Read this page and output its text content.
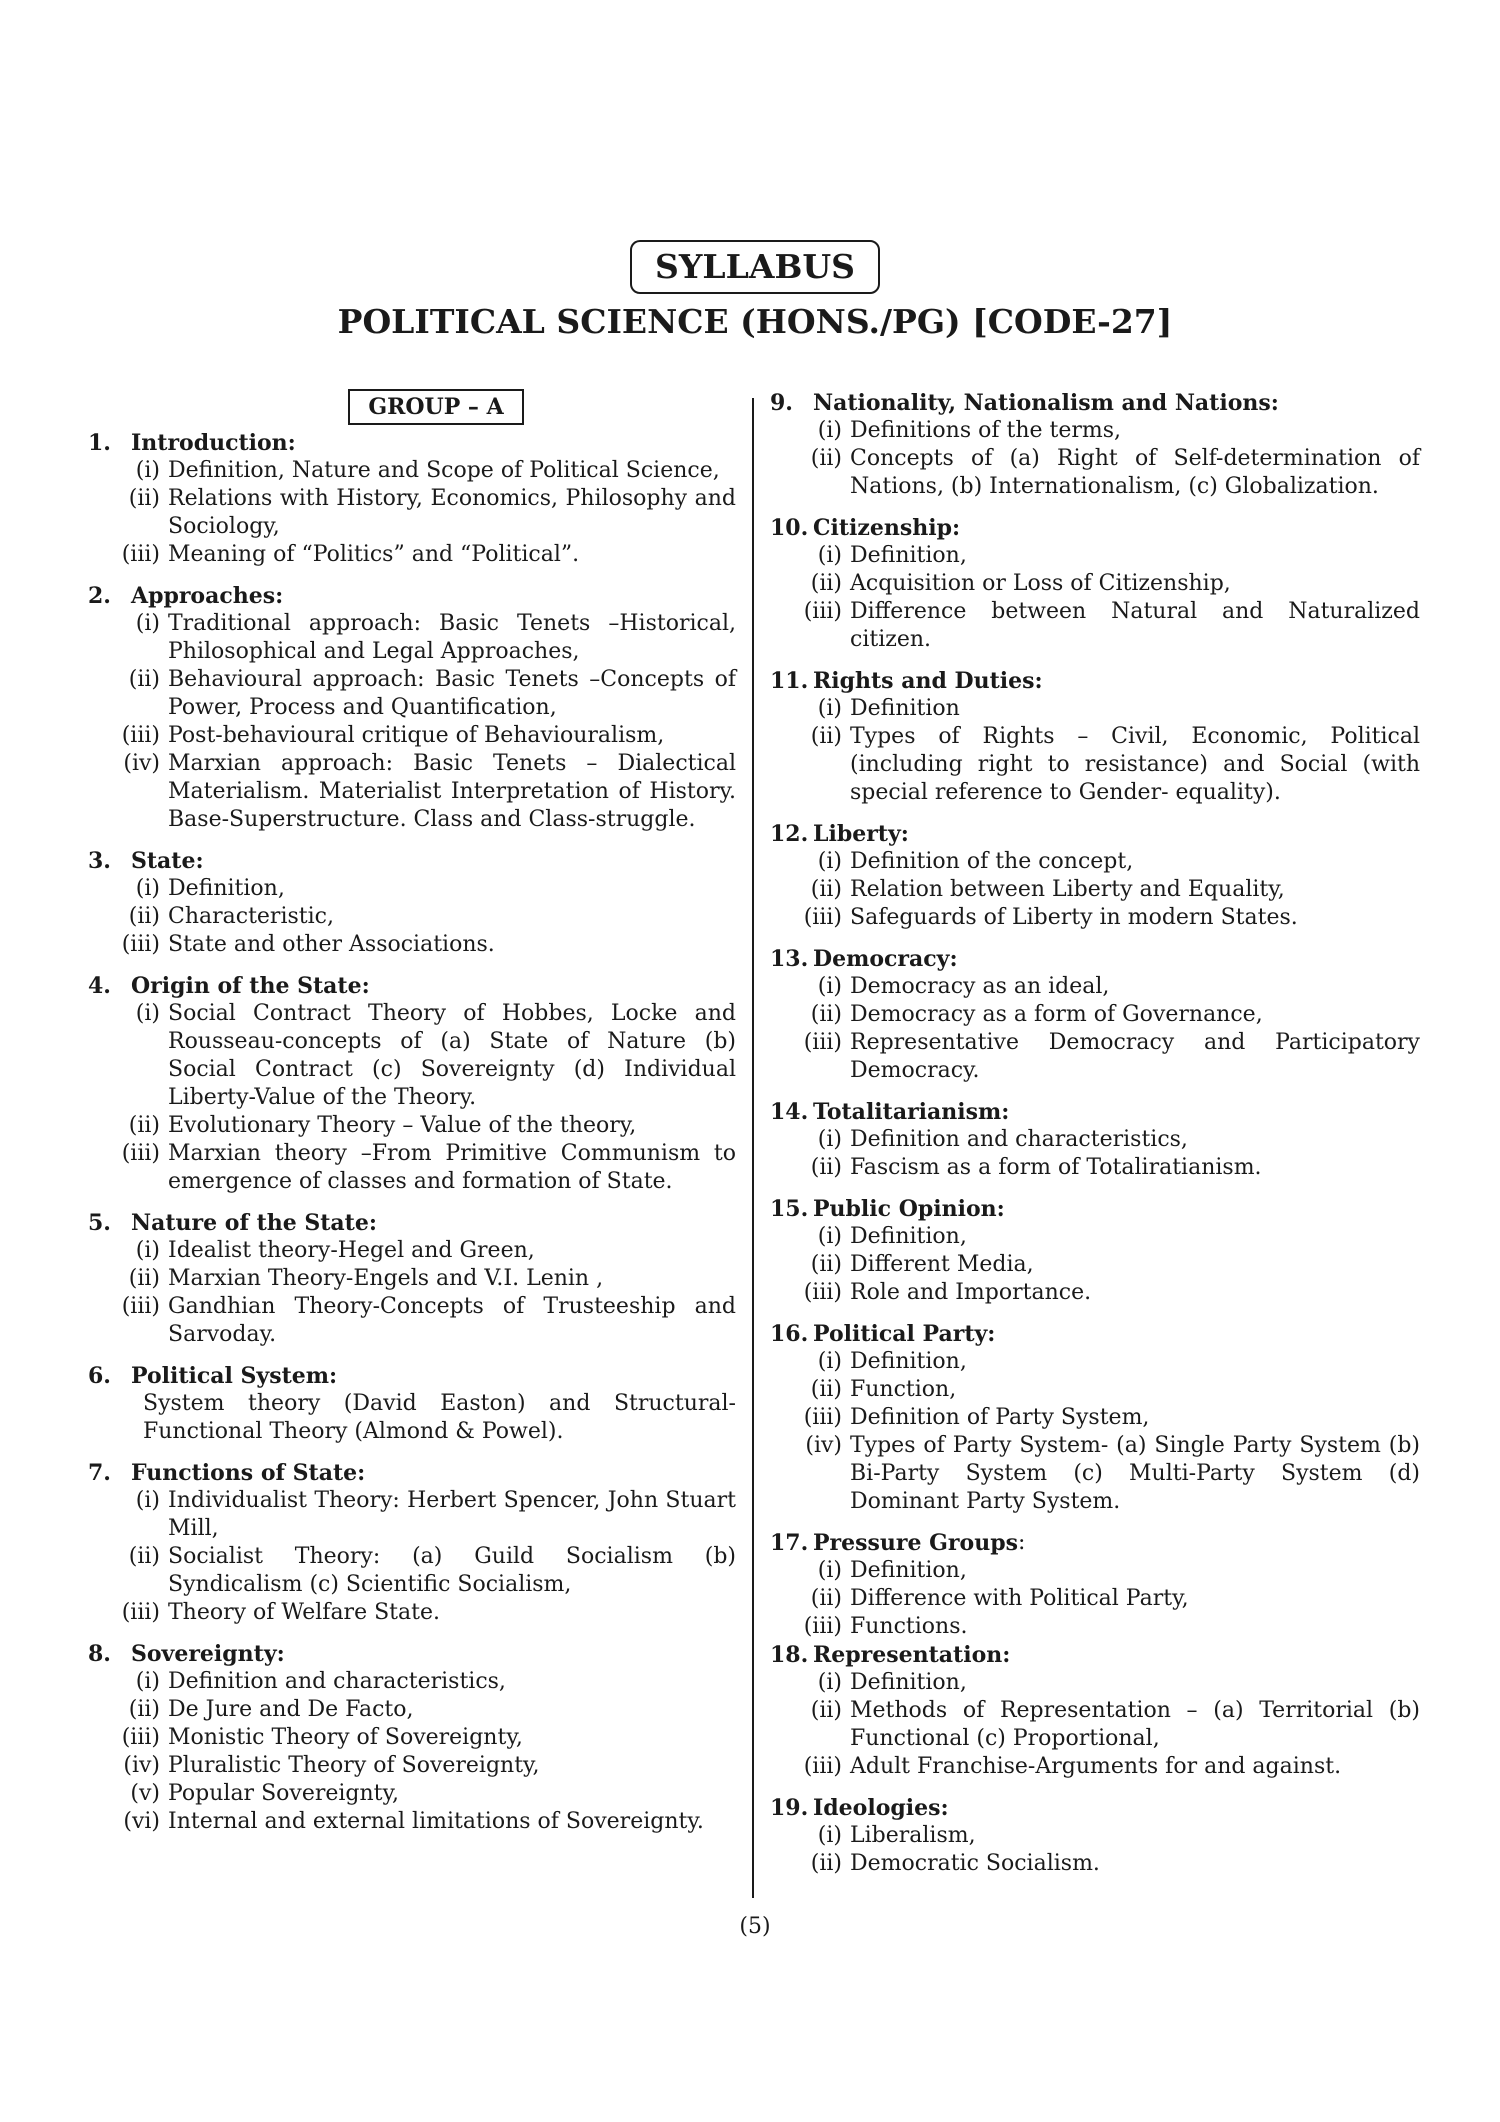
SYLLABUS
POLITICAL SCIENCE (HONS./PG) [CODE-27]
GROUP – A
1. Introduction:
(i) Definition, Nature and Scope of Political Science,
(ii) Relations with History, Economics, Philosophy and Sociology,
(iii) Meaning of “Politics” and “Political”.
2. Approaches:
(i) Traditional approach: Basic Tenets –Historical, Philosophical and Legal Approaches,
(ii) Behavioural approach: Basic Tenets –Concepts of Power, Process and Quantification,
(iii) Post-behavioural critique of Behaviouralism,
(iv) Marxian approach: Basic Tenets – Dialectical Materialism. Materialist Interpretation of History. Base-Superstructure. Class and Class-struggle.
3. State:
(i) Definition,
(ii) Characteristic,
(iii) State and other Associations.
4. Origin of the State:
(i) Social Contract Theory of Hobbes, Locke and Rousseau-concepts of (a) State of Nature (b) Social Contract (c) Sovereignty (d) Individual Liberty-Value of the Theory.
(ii) Evolutionary Theory – Value of the theory,
(iii) Marxian theory –From Primitive Communism to emergence of classes and formation of State.
5. Nature of the State:
(i) Idealist theory-Hegel and Green,
(ii) Marxian Theory-Engels and V.I. Lenin ,
(iii) Gandhian Theory-Concepts of Trusteeship and Sarvoday.
6. Political System:
System theory (David Easton) and Structural-Functional Theory (Almond & Powel).
7. Functions of State:
(i) Individualist Theory: Herbert Spencer, John Stuart Mill,
(ii) Socialist Theory: (a) Guild Socialism (b) Syndicalism (c) Scientific Socialism,
(iii) Theory of Welfare State.
8. Sovereignty:
(i) Definition and characteristics,
(ii) De Jure and De Facto,
(iii) Monistic Theory of Sovereignty,
(iv) Pluralistic Theory of Sovereignty,
(v) Popular Sovereignty,
(vi) Internal and external limitations of Sovereignty.
9. Nationality, Nationalism and Nations:
(i) Definitions of the terms,
(ii) Concepts of (a) Right of Self-determination of Nations, (b) Internationalism, (c) Globalization.
10. Citizenship:
(i) Definition,
(ii) Acquisition or Loss of Citizenship,
(iii) Difference between Natural and Naturalized citizen.
11. Rights and Duties:
(i) Definition
(ii) Types of Rights – Civil, Economic, Political (including right to resistance) and Social (with special reference to Gender- equality).
12. Liberty:
(i) Definition of the concept,
(ii) Relation between Liberty and Equality,
(iii) Safeguards of Liberty in modern States.
13. Democracy:
(i) Democracy as an ideal,
(ii) Democracy as a form of Governance,
(iii) Representative Democracy and Participatory Democracy.
14. Totalitarianism:
(i) Definition and characteristics,
(ii) Fascism as a form of Totaliratianism.
15. Public Opinion:
(i) Definition,
(ii) Different Media,
(iii) Role and Importance.
16. Political Party:
(i) Definition,
(ii) Function,
(iii) Definition of Party System,
(iv) Types of Party System- (a) Single Party System (b) Bi-Party System (c) Multi-Party System (d) Dominant Party System.
17. Pressure Groups :
(i) Definition,
(ii) Difference with Political Party,
(iii) Functions.
18. Representation:
(i) Definition,
(ii) Methods of Representation – (a) Territorial (b) Functional (c) Proportional,
(iii) Adult Franchise-Arguments for and against.
19. Ideologies:
(i) Liberalism,
(ii) Democratic Socialism.
(5)
